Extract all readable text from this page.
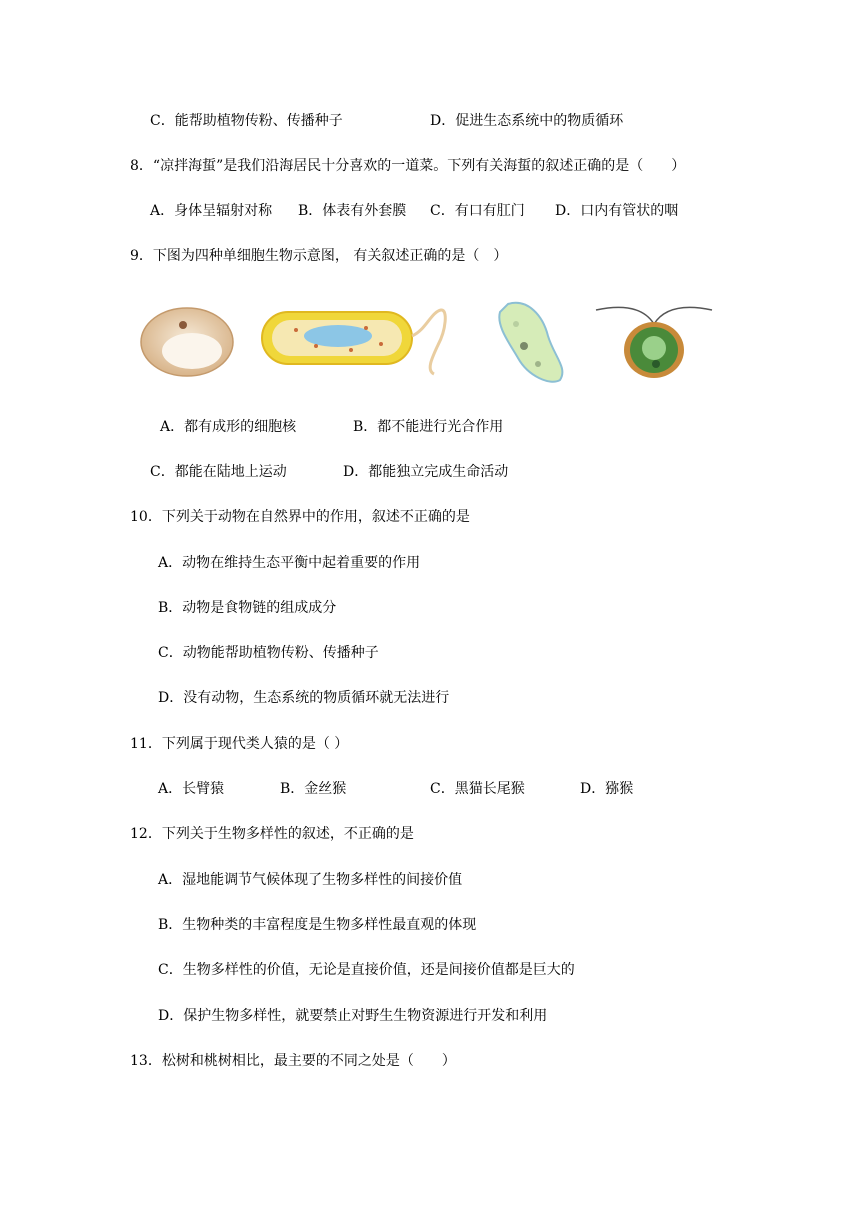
C．能帮助植物传粉、传播种子	D．促进生态系统中的物质循环
8．“凉拌海蜇”是我们沿海居民十分喜欢的一道菜。下列有关海蜇的叙述正确的是（　　）
A．身体呈辐射对称 B．体表有外套膜 C．有口有肛门 D．口内有管状的咽
9．下图为四种单细胞生物示意图， 有关叙述正确的是（　）
A．都有成形的细胞核	B．都不能进行光合作用
C．都能在陆地上运动	D．都能独立完成生命活动
10．下列关于动物在自然界中的作用，叙述不正确的是
A．动物在维持生态平衡中起着重要的作用
B．动物是食物链的组成成分
C．动物能帮助植物传粉、传播种子
D．没有动物，生态系统的物质循环就无法进行
11．下列属于现代类人猿的是（ ）
A．长臂猿	B．金丝猴	C．黑猫长尾猴	D．猕猴
12．下列关于生物多样性的叙述，不正确的是
A．湿地能调节气候体现了生物多样性的间接价值
B．生物种类的丰富程度是生物多样性最直观的体现
C．生物多样性的价值，无论是直接价值，还是间接价值都是巨大的
D．保护生物多样性，就要禁止对野生生物资源进行开发和利用
13．松树和桃树相比，最主要的不同之处是（　　）
